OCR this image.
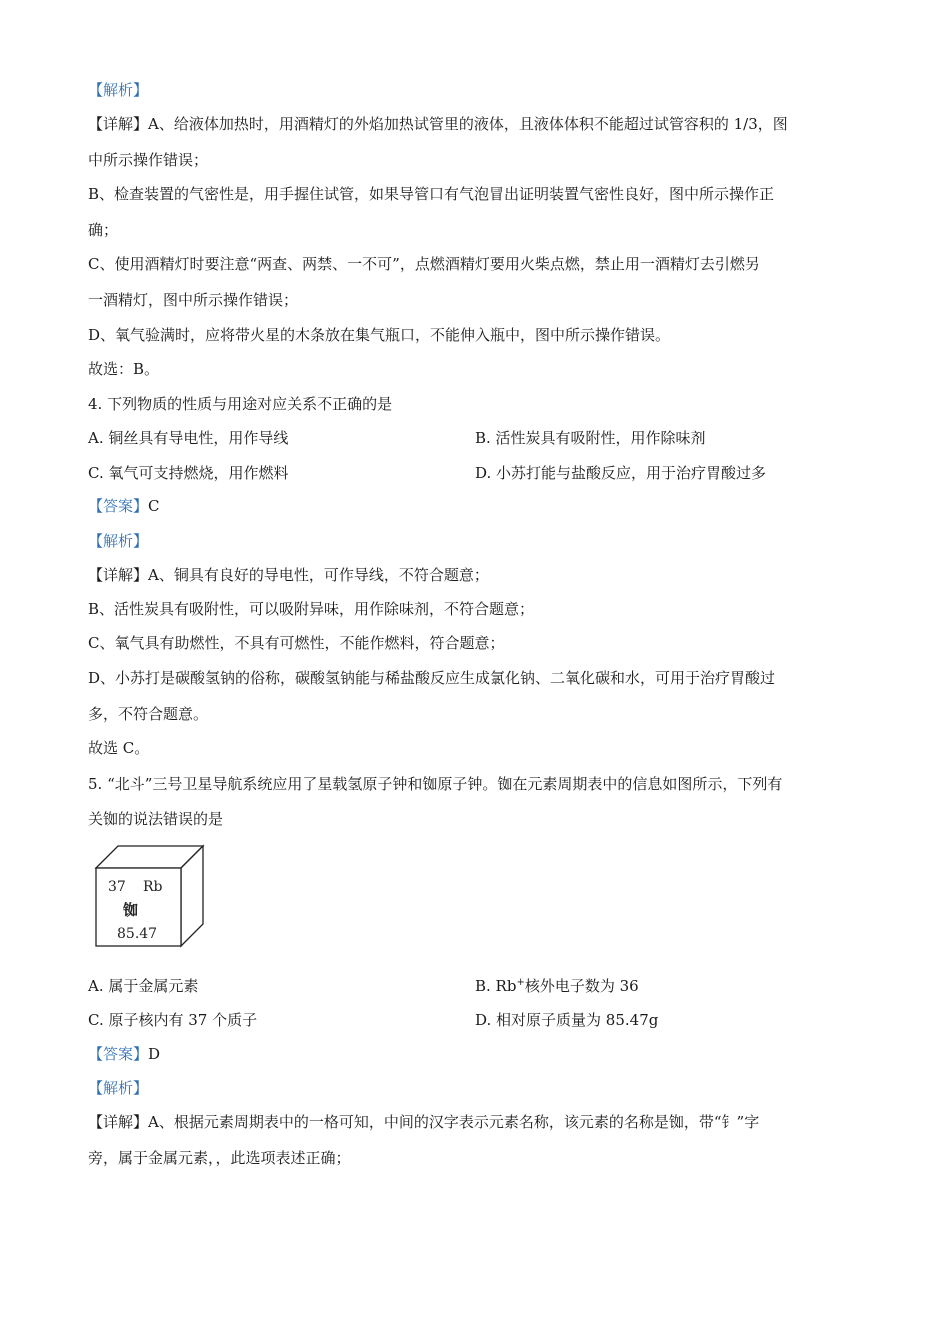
【解析】
【详解】A、给液体加热时，用酒精灯的外焰加热试管里的液体，且液体体积不能超过试管容积的 1/3，图
中所示操作错误；
B、检查装置的气密性是，用手握住试管，如果导管口有气泡冒出证明装置气密性良好，图中所示操作正
确；
C、使用酒精灯时要注意“两查、两禁、一不可”，点燃酒精灯要用火柴点燃，禁止用一酒精灯去引燃另
一酒精灯，图中所示操作错误；
D、氧气验满时，应将带火星的木条放在集气瓶口，不能伸入瓶中，图中所示操作错误。
故选：B。
4. 下列物质的性质与用途对应关系不正确的是
A. 铜丝具有导电性，用作导线	B. 活性炭具有吸附性，用作除味剂
C. 氧气可支持燃烧，用作燃料	D. 小苏打能与盐酸反应，用于治疗胃酸过多
【答案】C
【解析】
【详解】A、铜具有良好的导电性，可作导线，不符合题意；
B、活性炭具有吸附性，可以吸附异味，用作除味剂，不符合题意；
C、氧气具有助燃性，不具有可燃性，不能作燃料，符合题意；
D、小苏打是碳酸氢钠的俗称，碳酸氢钠能与稀盐酸反应生成氯化钠、二氧化碳和水，可用于治疗胃酸过
多，不符合题意。
故选 C。
5. “北斗”三号卫星导航系统应用了星载氢原子钟和铷原子钟。铷在元素周期表中的信息如图所示，下列有
关铷的说法错误的是
37 Rb
铷
85.47
A. 属于金属元素	B. Rb+核外电子数为 36
C. 原子核内有 37 个质子	D. 相对原子质量为 85.47g
【答案】D
【解析】
【详解】A、根据元素周期表中的一格可知，中间的汉字表示元素名称，该元素的名称是铷，带“钅”字
旁，属于金属元素，，此选项表述正确；
